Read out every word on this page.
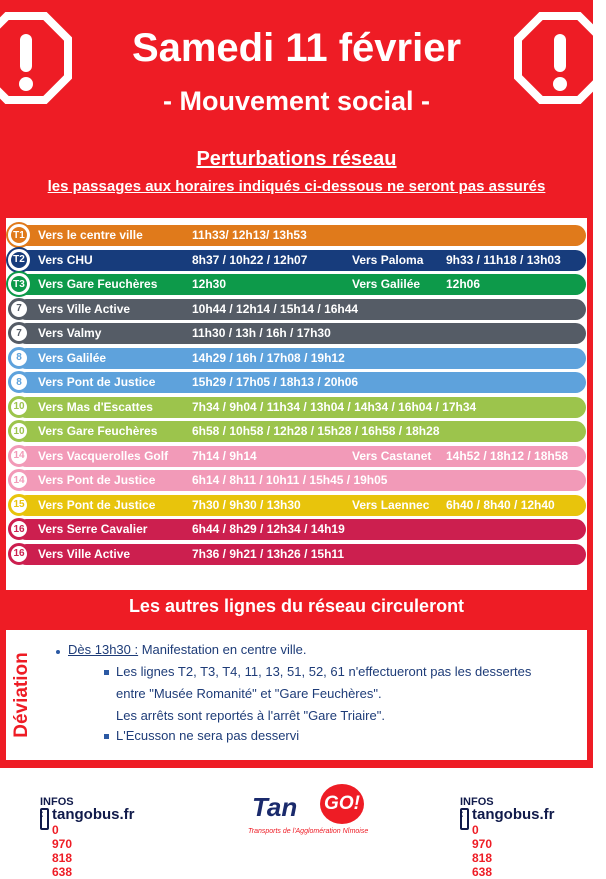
Samedi 11 février
- Mouvement social -
Perturbations réseau
les passages aux horaires indiqués ci-dessous ne seront pas assurés
T1	Vers le centre ville	11h33/ 12h13/ 13h53
T2	Vers CHU	8h37 / 10h22 / 12h07	Vers Paloma 9h33 / 11h18 / 13h03
T3	Vers Gare Feuchères	12h30	Vers Galilée 12h06
7	Vers Ville Active	10h44 / 12h14 / 15h14 / 16h44
7	Vers Valmy	11h30 / 13h / 16h / 17h30
8	Vers Galilée	14h29 / 16h / 17h08 / 19h12
8	Vers Pont de Justice	15h29 / 17h05 / 18h13 / 20h06
10	Vers Mas d'Escattes	7h34 / 9h04 / 11h34 / 13h04 / 14h34 / 16h04 / 17h34
10	Vers Gare Feuchères	6h58 / 10h58 / 12h28 / 15h28 / 16h58 / 18h28
14	Vers Vacquerolles Golf 7h14 / 9h14	Vers Castanet 14h52 / 18h12 / 18h58
14	Vers Pont de Justice	6h14 / 8h11 / 10h11 / 15h45 / 19h05
15	Vers Pont de Justice	7h30 / 9h30 / 13h30	Vers Laennec 6h40 / 8h40 / 12h40
16	Vers Serre Cavalier	6h44 / 8h29 / 12h34 / 14h19
16	Vers Ville Active	7h36 / 9h21 / 13h26 / 15h11
Les autres lignes du réseau circuleront
Déviation
Dès 13h30 : Manifestation en centre ville.
Les lignes T2, T3, T4, 11, 13, 51, 52, 61 n'effectueront pas les dessertes
entre "Musée Romanité" et "Gare Feuchères".
Les arrêts sont reportés à l'arrêt "Gare Triaire".
L'Ecusson ne sera pas desservi
INFOS : tangobus.fr
0 970 818 638
Tan GO!
Transports de l'Agglomération Nîmoise
INFOS : tangobus.fr
0 970 818 638
